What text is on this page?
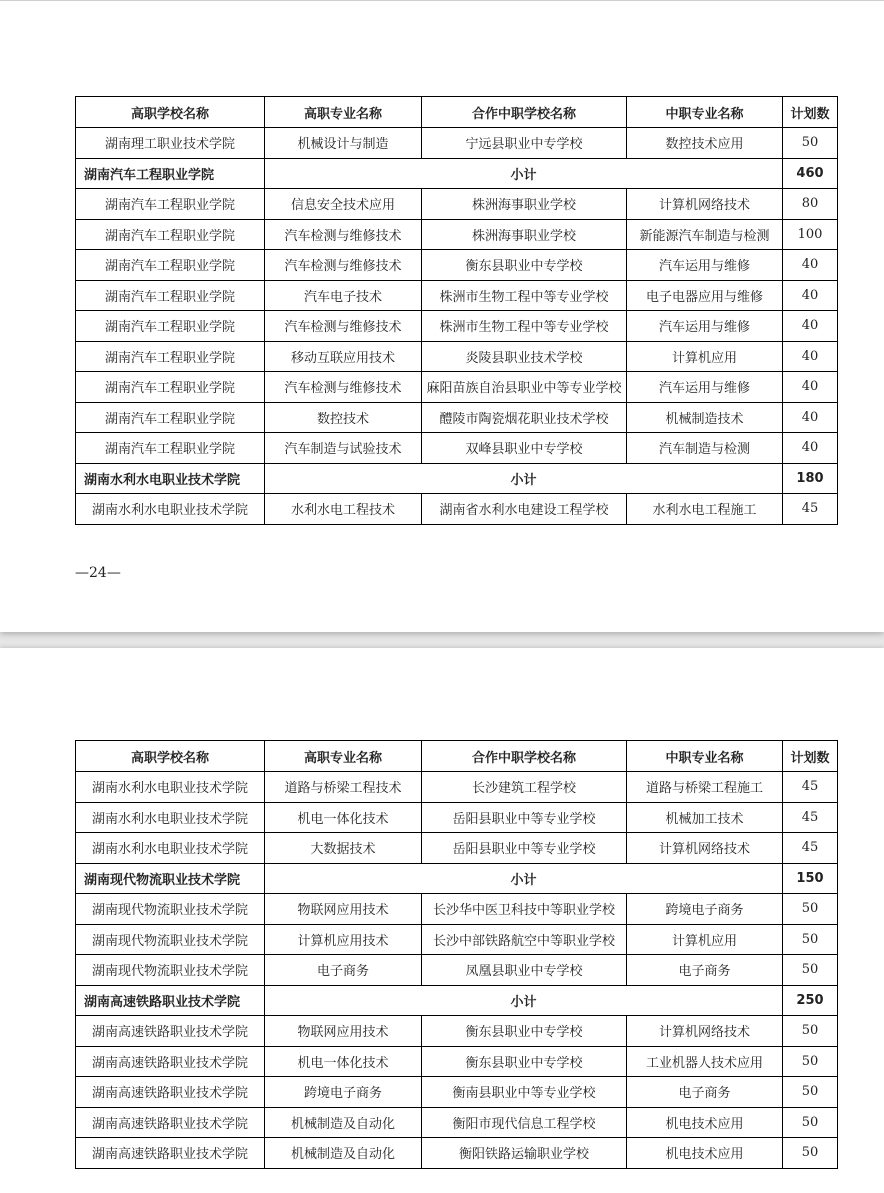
高职学校名称	高职专业名称	合作中职学校名称	中职专业名称	计划数
湖南理工职业技术学院	机械设计与制造	宁远县职业中专学校	数控技术应用	50
湖南汽车工程职业学院	小计			460
湖南汽车工程职业学院	信息安全技术应用	株洲海事职业学校	计算机网络技术	80
湖南汽车工程职业学院	汽车检测与维修技术	株洲海事职业学校	新能源汽车制造与检测	100
湖南汽车工程职业学院	汽车检测与维修技术	衡东县职业中专学校	汽车运用与维修	40
湖南汽车工程职业学院	汽车电子技术	株洲市生物工程中等专业学校	电子电器应用与维修	40
湖南汽车工程职业学院	汽车检测与维修技术	株洲市生物工程中等专业学校	汽车运用与维修	40
湖南汽车工程职业学院	移动互联应用技术	炎陵县职业技术学校	计算机应用	40
湖南汽车工程职业学院	汽车检测与维修技术	麻阳苗族自治县职业中等专业学校	汽车运用与维修	40
湖南汽车工程职业学院	数控技术	醴陵市陶瓷烟花职业技术学校	机械制造技术	40
湖南汽车工程职业学院	汽车制造与试验技术	双峰县职业中专学校	汽车制造与检测	40
湖南水利水电职业技术学院	小计			180
湖南水利水电职业技术学院	水利水电工程技术	湖南省水利水电建设工程学校	水利水电工程施工	45
—24—
高职学校名称	高职专业名称	合作中职学校名称	中职专业名称	计划数
湖南水利水电职业技术学院	道路与桥梁工程技术	长沙建筑工程学校	道路与桥梁工程施工	45
湖南水利水电职业技术学院	机电一体化技术	岳阳县职业中等专业学校	机械加工技术	45
湖南水利水电职业技术学院	大数据技术	岳阳县职业中等专业学校	计算机网络技术	45
湖南现代物流职业技术学院	小计			150
湖南现代物流职业技术学院	物联网应用技术	长沙华中医卫科技中等职业学校	跨境电子商务	50
湖南现代物流职业技术学院	计算机应用技术	长沙中部铁路航空中等职业学校	计算机应用	50
湖南现代物流职业技术学院	电子商务	凤凰县职业中专学校	电子商务	50
湖南高速铁路职业技术学院	小计			250
湖南高速铁路职业技术学院	物联网应用技术	衡东县职业中专学校	计算机网络技术	50
湖南高速铁路职业技术学院	机电一体化技术	衡东县职业中专学校	工业机器人技术应用	50
湖南高速铁路职业技术学院	跨境电子商务	衡南县职业中等专业学校	电子商务	50
湖南高速铁路职业技术学院	机械制造及自动化	衡阳市现代信息工程学校	机电技术应用	50
湖南高速铁路职业技术学院	机械制造及自动化	衡阳铁路运输职业学校	机电技术应用	50
